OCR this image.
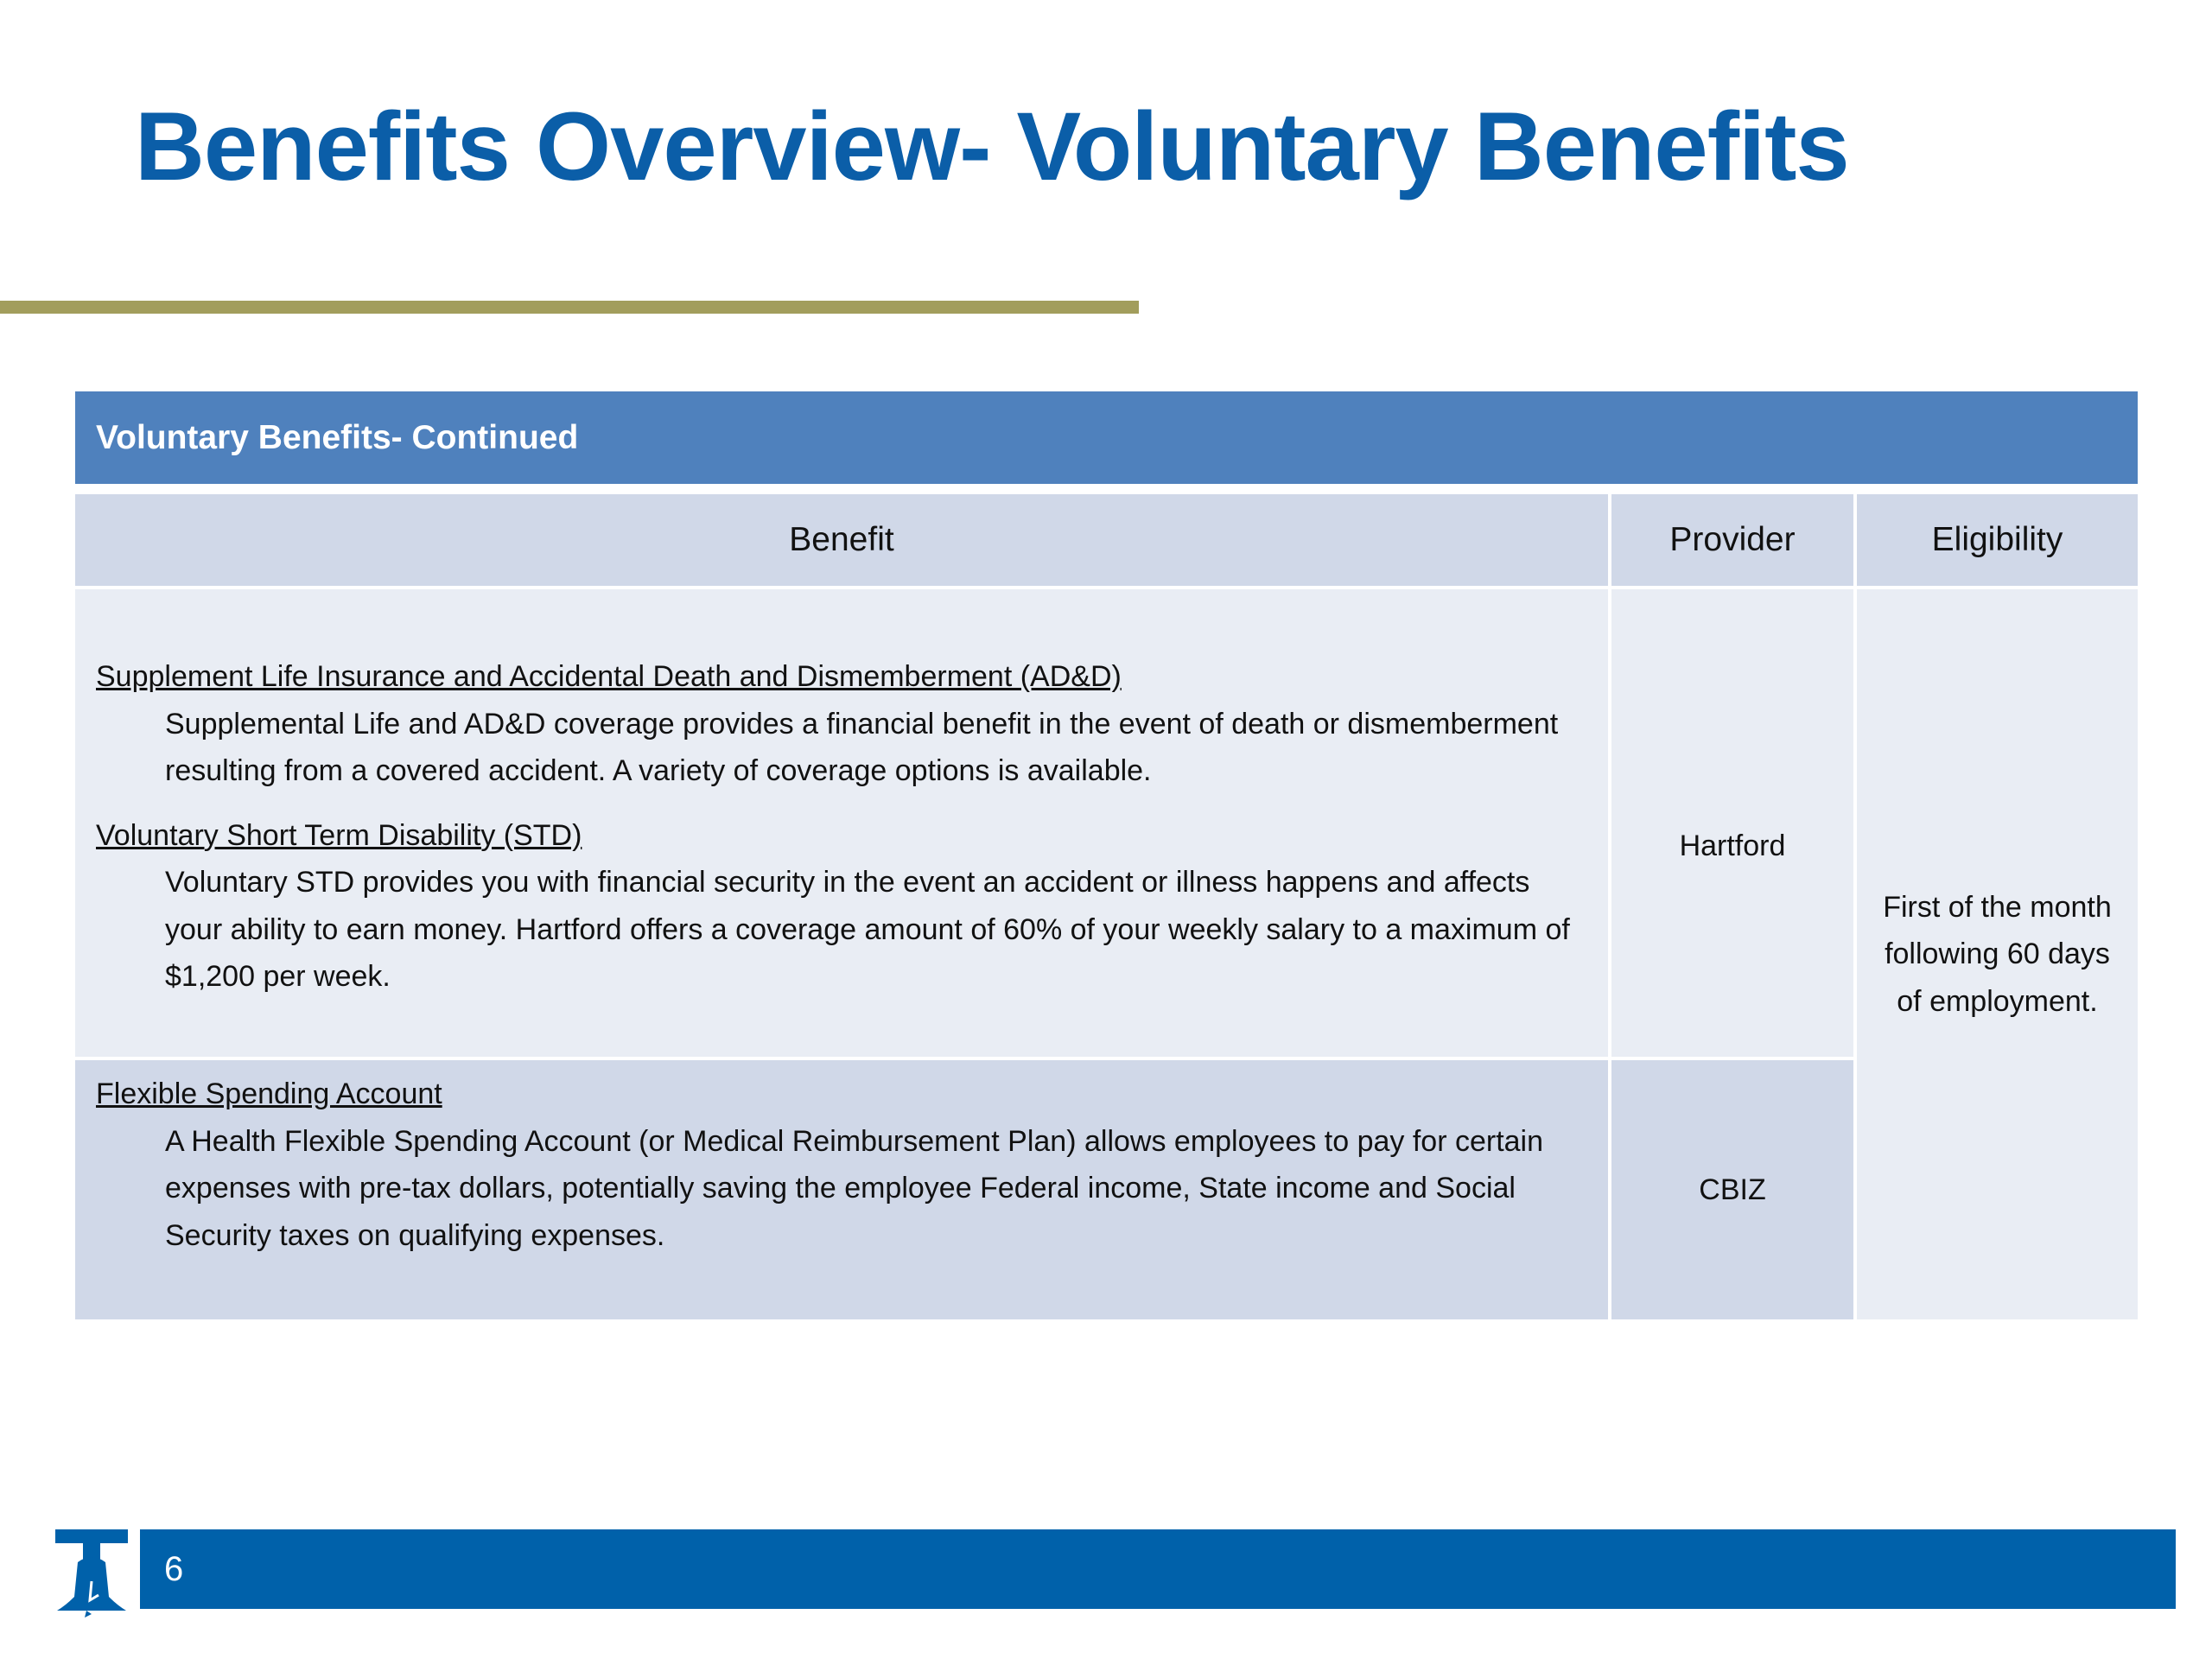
Benefits Overview- Voluntary Benefits
Voluntary Benefits- Continued
Benefit	Provider	Eligibility
Supplement Life Insurance and Accidental Death and Dismemberment (AD&D)
Supplemental Life and AD&D coverage provides a financial benefit in the event of death or dismemberment resulting from a covered accident. A variety of coverage options is available.
Voluntary Short Term Disability (STD)
Voluntary STD provides you with financial security in the event an accident or illness happens and affects your ability to earn money. Hartford offers a coverage amount of 60% of your weekly salary to a maximum of $1,200 per week.
Hartford
Flexible Spending Account
A Health Flexible Spending Account (or Medical Reimbursement Plan) allows employees to pay for certain expenses with pre-tax dollars, potentially saving the employee Federal income, State income and Social Security taxes on qualifying expenses.
CBIZ
First of the month following 60 days of employment.
6
